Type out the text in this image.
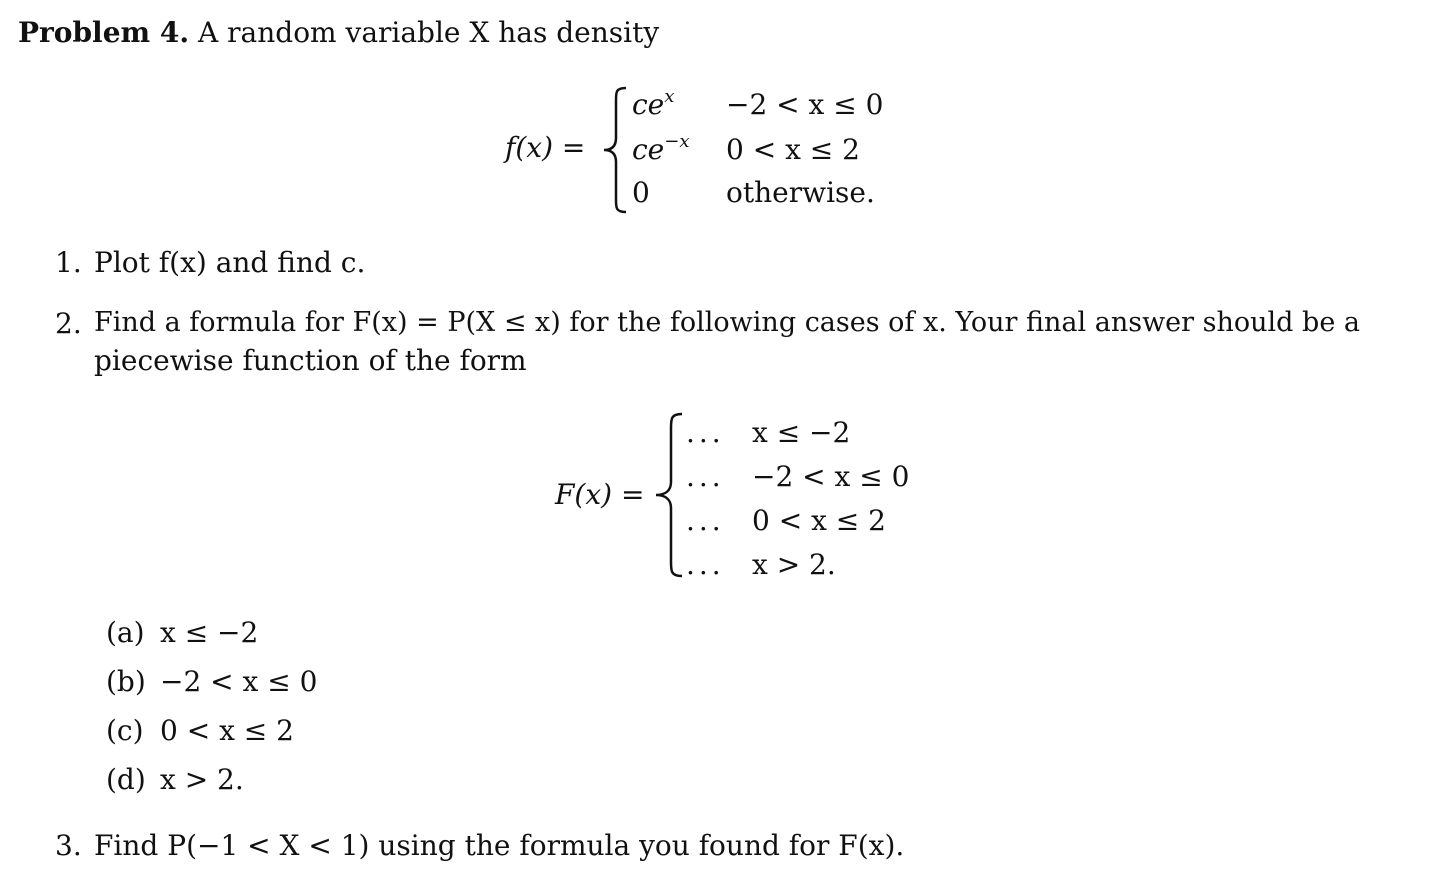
Problem 4. A random variable X has density
f(x) =
$ce^x -2 < x \le 0$
$ce^{-x}$ 0 < x ≤ 2
0	otherwise.
1. Plot f(x) and find c.
2. Find a formula for F(x) = P(X ≤ x) for the following cases of x. Your final answer should be a
piecewise function of the form
F(x) =
... x ≤ −2
... −2 < x ≤ 0
... 0 < x ≤ 2
... x > 2.
(a) x ≤ −2
(b) −2 < x ≤ 0
(c) 0 < x ≤ 2
(d) x > 2.
3. Find P(−1 < X < 1) using the formula you found for F(x).
